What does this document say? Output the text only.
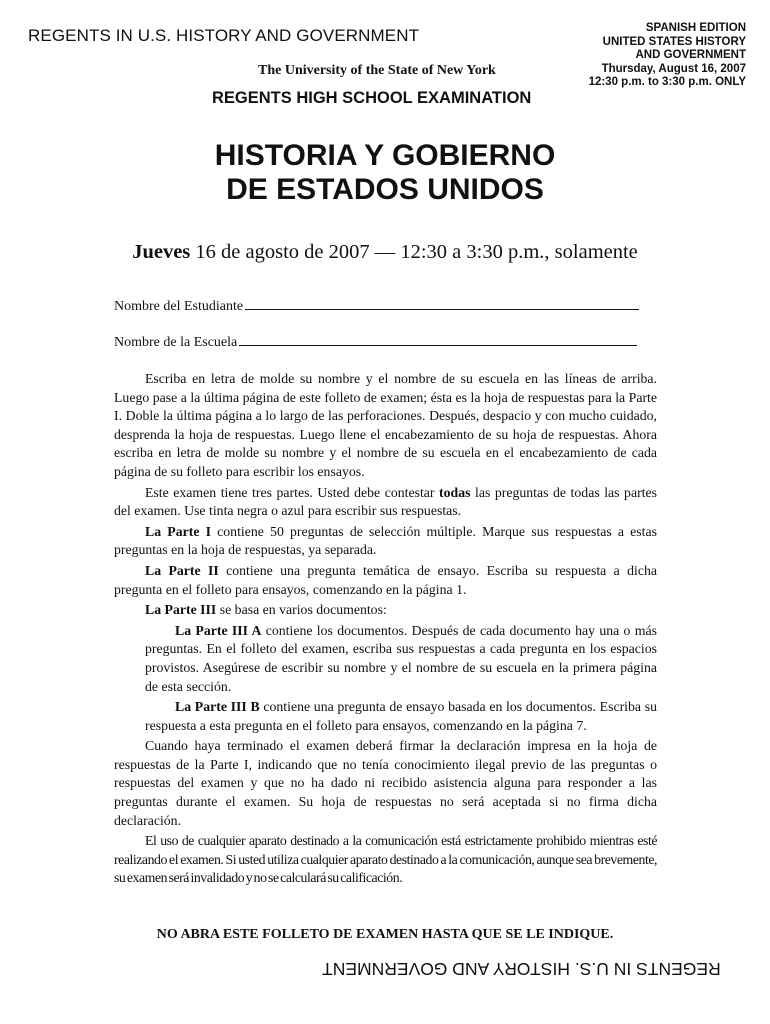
REGENTS IN U.S. HISTORY AND GOVERNMENT	SPANISH EDITION
UNITED STATES HISTORY
AND GOVERNMENT
Thursday, August 16, 2007
12:30 p.m. to 3:30 p.m. ONLY
The University of the State of New York
REGENTS HIGH SCHOOL EXAMINATION
HISTORIA Y GOBIERNO
DE ESTADOS UNIDOS
Jueves 16 de agosto de 2007 — 12:30 a 3:30 p.m., solamente
Nombre del Estudiante
Nombre de la Escuela

Escriba en letra de molde su nombre y el nombre de su escuela en las líneas de arriba. Luego pase a la última página de este folleto de examen; ésta es la hoja de respuestas para la Parte I. Doble la última página a lo largo de las perforaciones. Después, despacio y con mucho cuidado, desprenda la hoja de respuestas. Luego llene el encabezamiento de su hoja de respuestas. Ahora escriba en letra de molde su nombre y el nombre de su escuela en el encabezamiento de cada página de su folleto para escribir los ensayos.

Este examen tiene tres partes. Usted debe contestar todas las preguntas de todas las partes del examen. Use tinta negra o azul para escribir sus respuestas.

La Parte I contiene 50 preguntas de selección múltiple. Marque sus respuestas a estas preguntas en la hoja de respuestas, ya separada.

La Parte II contiene una pregunta temática de ensayo. Escriba su respuesta a dicha pregunta en el folleto para ensayos, comenzando en la página 1.

La Parte III se basa en varios documentos:

La Parte III A contiene los documentos. Después de cada documento hay una o más preguntas. En el folleto del examen, escriba sus respuestas a cada pregunta en los espacios provistos. Asegúrese de escribir su nombre y el nombre de su escuela en la primera página de esta sección.

La Parte III B contiene una pregunta de ensayo basada en los documentos. Escriba su respuesta a esta pregunta en el folleto para ensayos, comenzando en la página 7.

Cuando haya terminado el examen deberá firmar la declaración impresa en la hoja de respuestas de la Parte I, indicando que no tenía conocimiento ilegal previo de las preguntas o respuestas del examen y que no ha dado ni recibido asistencia alguna para responder a las preguntas durante el examen. Su hoja de respuestas no será aceptada si no firma dicha declaración.

El uso de cualquier aparato destinado a la comunicación está estrictamente prohibido mientras esté realizando el examen. Si usted utiliza cualquier aparato destinado a la comunicación, aunque sea brevemente, su examen será invalidado y no se calculará su calificación.

NO ABRA ESTE FOLLETO DE EXAMEN HASTA QUE SE LE INDIQUE.
REGENTS IN U.S. HISTORY AND GOVERNMENT
